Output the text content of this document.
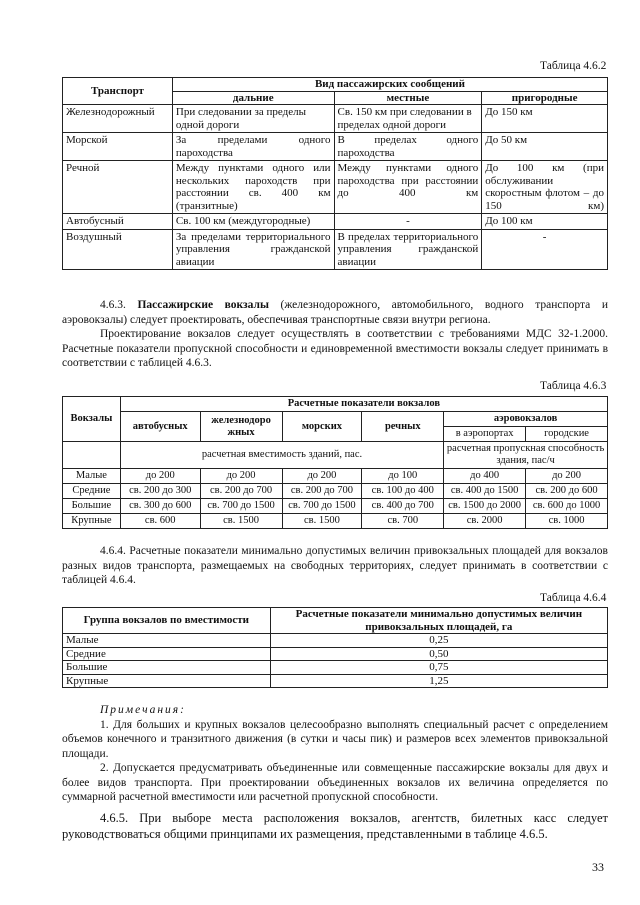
Таблица 4.6.2
Транспорт	Вид пассажирских сообщений		
	дальние	местные	пригородные
Железнодорожный	При следовании за пределы одной дороги	Св. 150 км при следовании в пределах одной дороги	До 150 км
Морской	За пределами одного пароходства	В пределах одного пароходства	До 50 км
Речной	Между пунктами одного или нескольких пароходств при расстоянии св. 400 км (транзитные)	Между пунктами одного пароходства при расстоянии до 400 км	До 100 км (при обслуживании скоростным флотом – до 150 км)
Автобусный	Св. 100 км (междугородные)	-	До 100 км
Воздушный	За пределами территориального управления гражданской авиации	В пределах территориального управления гражданской авиации	-

4.6.3. Пассажирские вокзалы (железнодорожного, автомобильного, водного транспорта и аэровокзалы) следует проектировать, обеспечивая транспортные связи внутри региона.

Проектирование вокзалов следует осуществлять в соответствии с требованиями МДС 32-1.2000. Расчетные показатели пропускной способности и единовременной вместимости вокзалы следует принимать в соответствии с таблицей 4.6.3.

Таблица 4.6.3
Вокзалы	Расчетные показатели вокзалов					
	автобусных	железнодоро жных	морских	речных	аэровокзалов	
					в аэропортах	городские
	расчетная вместимость зданий, пас.				расчетная пропускная способность здания, пас/ч	
Малые	до 200	до 200	до 200	до 100	до 400	до 200
Средние	св. 200 до 300	св. 200 до 700	св. 200 до 700	св. 100 до 400	св. 400 до 1500	св. 200 до 600
Большие	св. 300 до 600	св. 700 до 1500	св. 700 до 1500	св. 400 до 700	св. 1500 до 2000	св. 600 до 1000
Крупные	св. 600	св. 1500	св. 1500	св. 700	св. 2000	св. 1000

4.6.4. Расчетные показатели минимально допустимых величин привокзальных площадей для вокзалов разных видов транспорта, размещаемых на свободных территориях, следует принимать в соответствии с таблицей 4.6.4.

Таблица 4.6.4
Группа вокзалов по вместимости	Расчетные показатели минимально допустимых величин привокзальных площадей, га
Малые	0,25
Средние	0,50
Большие	0,75
Крупные	1,25

Примечания:

1. Для больших и крупных вокзалов целесообразно выполнять специальный расчет с определением объемов конечного и транзитного движения (в сутки и часы пик) и размеров всех элементов привокзальной площади.

2. Допускается предусматривать объединенные или совмещенные пассажирские вокзалы для двух и более видов транспорта. При проектировании объединенных вокзалов их величина определяется по суммарной расчетной вместимости или расчетной пропускной способности.

4.6.5. При выборе места расположения вокзалов, агентств, билетных касс следует руководствоваться общими принципами их размещения, представленными в таблице 4.6.5.

33
